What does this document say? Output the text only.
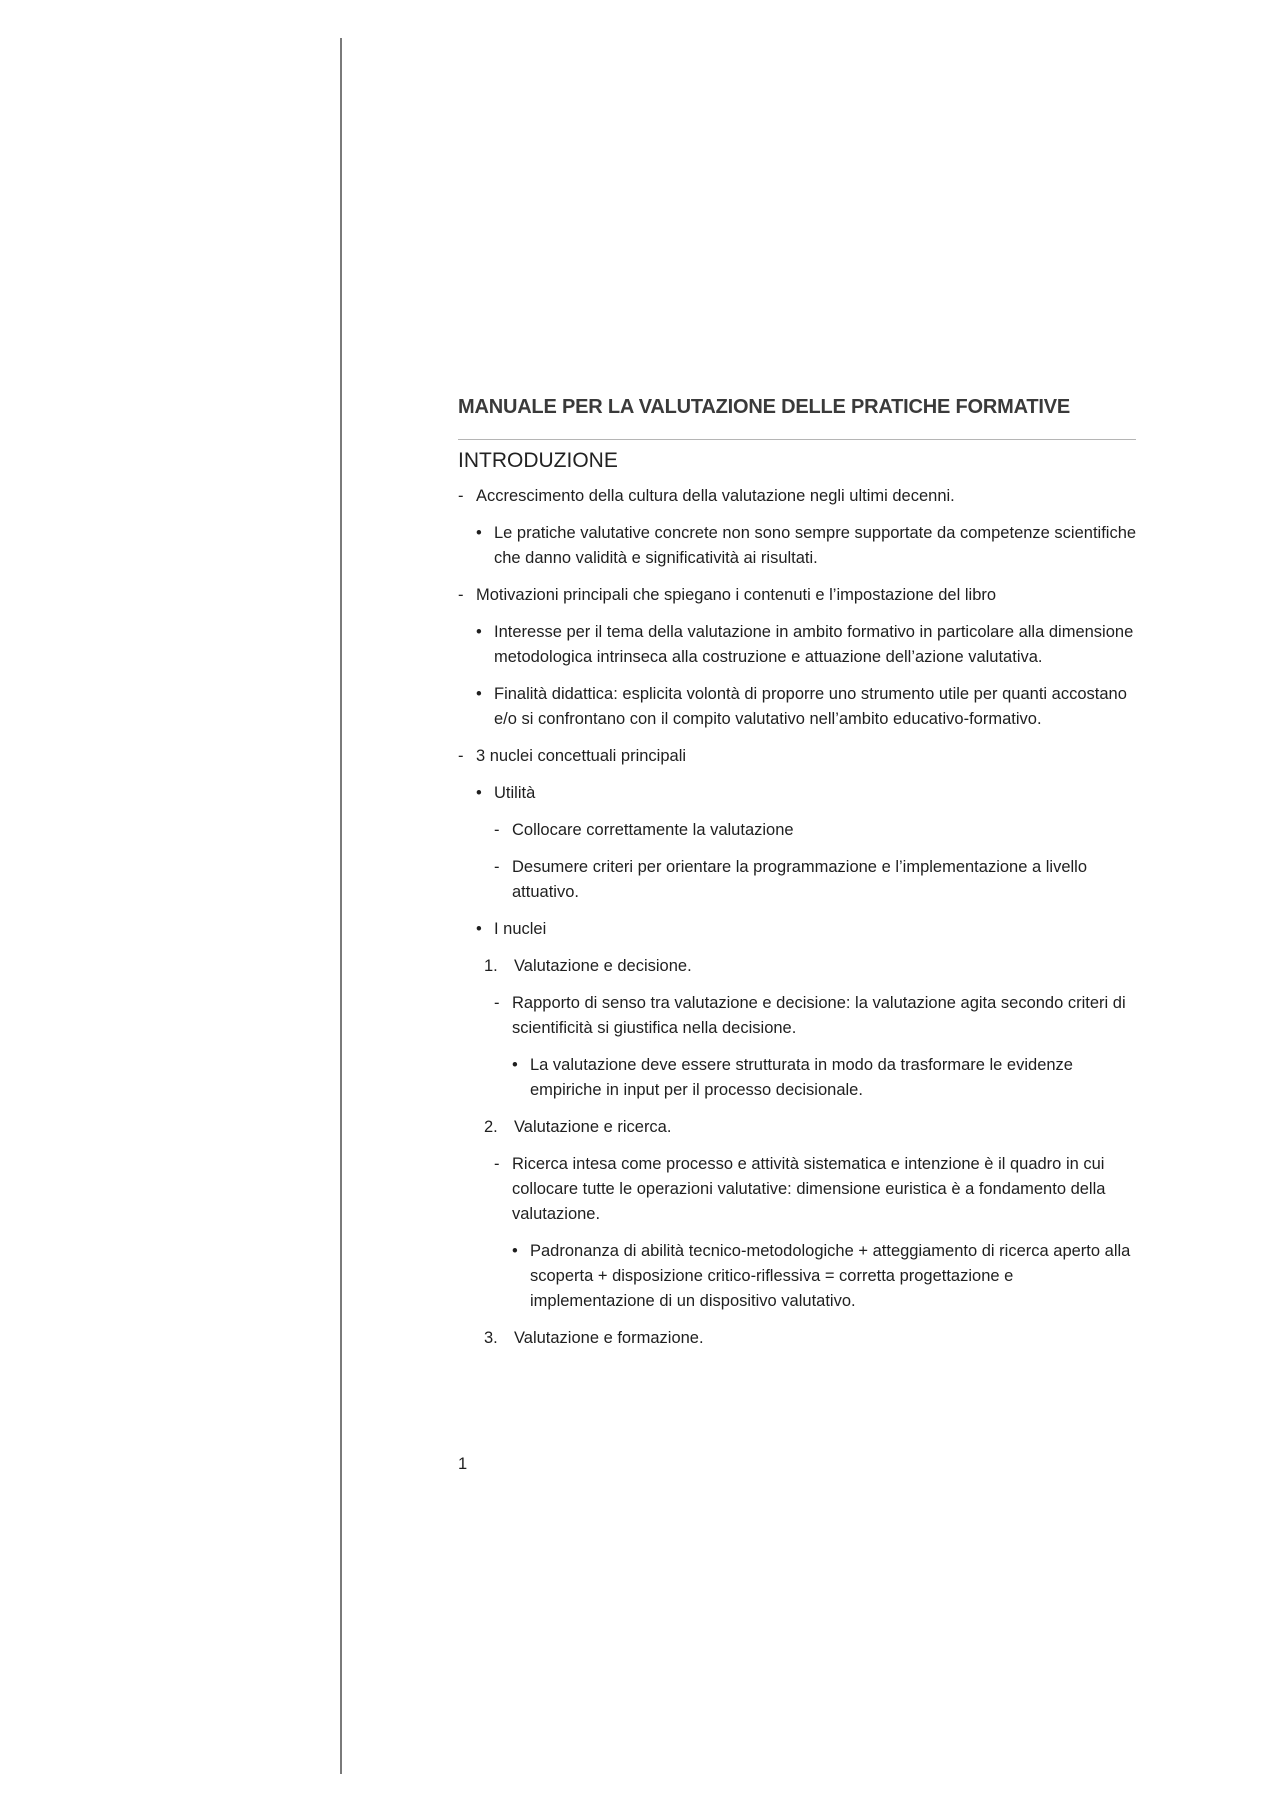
MANUALE PER LA VALUTAZIONE DELLE PRATICHE FORMATIVE
INTRODUZIONE
- Accrescimento della cultura della valutazione negli ultimi decenni.
• Le pratiche valutative concrete non sono sempre supportate da competenze scientifiche che danno validità e significatività ai risultati.
- Motivazioni principali che spiegano i contenuti e l’impostazione del libro
• Interesse per il tema della valutazione in ambito formativo in particolare alla dimensione metodologica intrinseca alla costruzione e attuazione dell’azione valutativa.
• Finalità didattica: esplicita volontà di proporre uno strumento utile per quanti accostano e/o si confrontano con il compito valutativo nell’ambito educativo-formativo.
- 3 nuclei concettuali principali
• Utilità
- Collocare correttamente la valutazione
- Desumere criteri per orientare la programmazione e l’implementazione a livello attuativo.
• I nuclei
1. Valutazione e decisione.
- Rapporto di senso tra valutazione e decisione: la valutazione agita secondo criteri di scientificità si giustifica nella decisione.
• La valutazione deve essere strutturata in modo da trasformare le evidenze empiriche in input per il processo decisionale.
2. Valutazione e ricerca.
- Ricerca intesa come processo e attività sistematica e intenzione è il quadro in cui collocare tutte le operazioni valutative: dimensione euristica è a fondamento della valutazione.
• Padronanza di abilità tecnico-metodologiche + atteggiamento di ricerca aperto alla scoperta + disposizione critico-riflessiva = corretta progettazione e implementazione di un dispositivo valutativo.
3. Valutazione e formazione.
1
